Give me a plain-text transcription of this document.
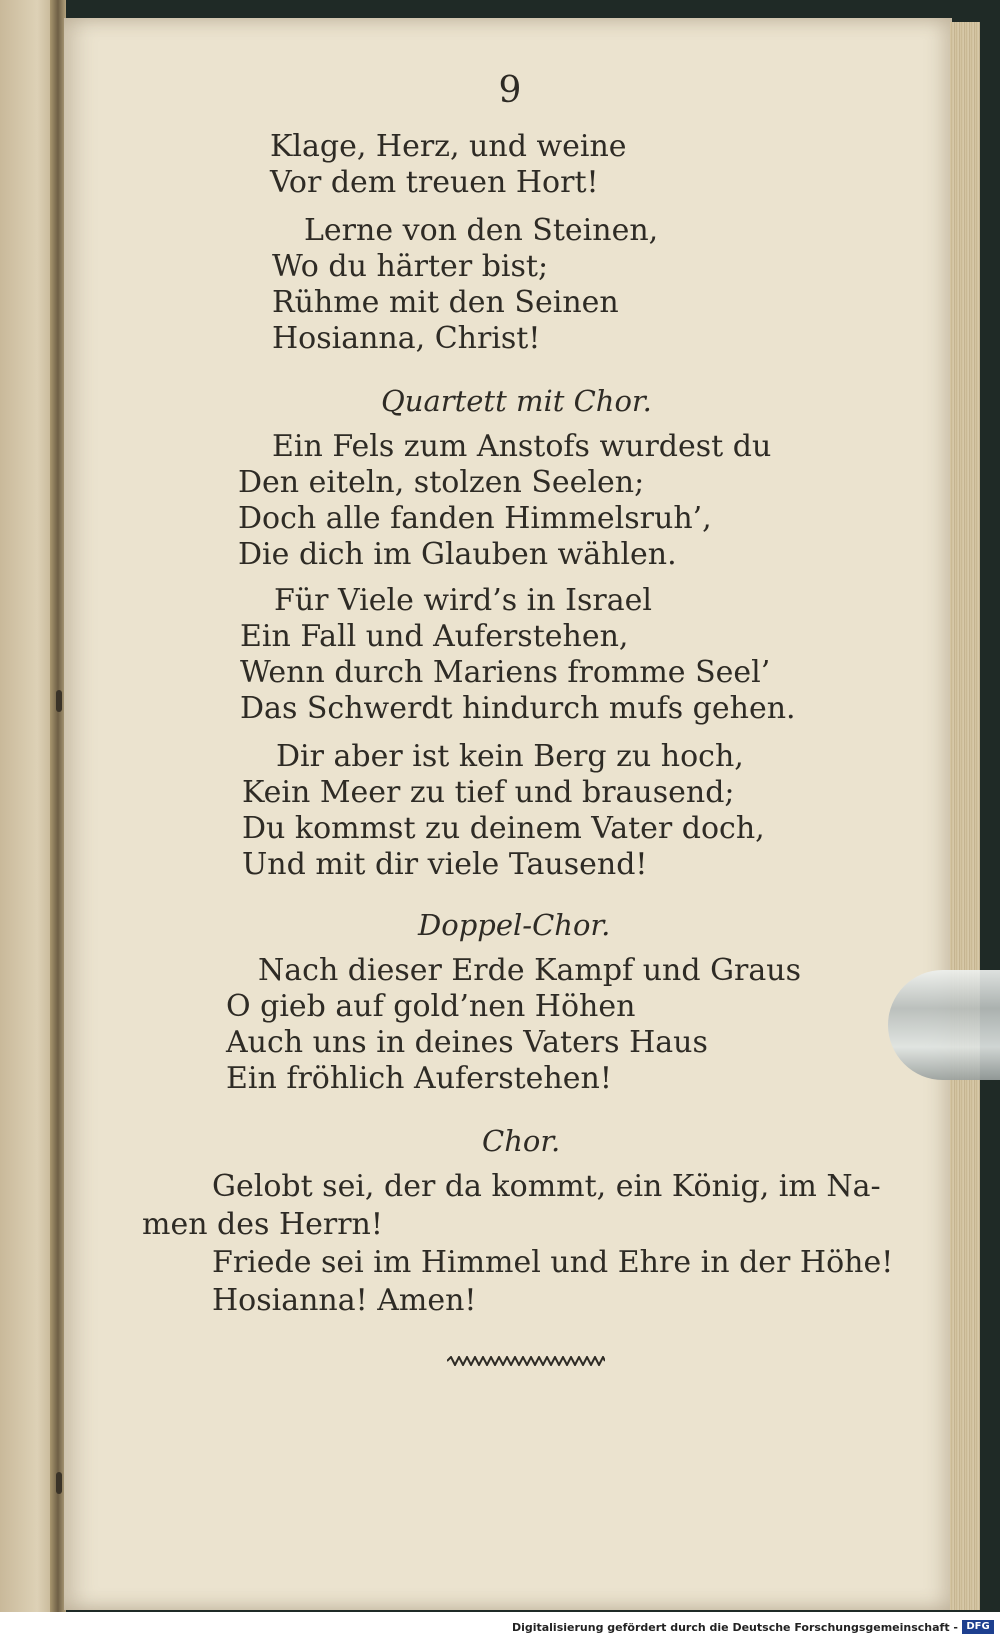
9
Klage, Herz, und weine
Vor dem treuen Hort!
Lerne von den Steinen,
Wo du härter bist;
Rühme mit den Seinen
Hosianna, Christ!
Quartett mit Chor.
Ein Fels zum Anstofs wurdest du
Den eiteln, stolzen Seelen;
Doch alle fanden Himmelsruh’,
Die dich im Glauben wählen.
Für Viele wird’s in Israel
Ein Fall und Auferstehen,
Wenn durch Mariens fromme Seel’
Das Schwerdt hindurch mufs gehen.
Dir aber ist kein Berg zu hoch,
Kein Meer zu tief und brausend;
Du kommst zu deinem Vater doch,
Und mit dir viele Tausend!
Doppel-Chor.
Nach dieser Erde Kampf und Graus
O gieb auf gold’nen Höhen
Auch uns in deines Vaters Haus
Ein fröhlich Auferstehen!
Chor.
Gelobt sei, der da kommt, ein König, im Na-
men des Herrn!
Friede sei im Himmel und Ehre in der Höhe!
Hosianna! Amen!
Digitalisierung gefördert durch die Deutsche Forschungsgemeinschaft - DFG
